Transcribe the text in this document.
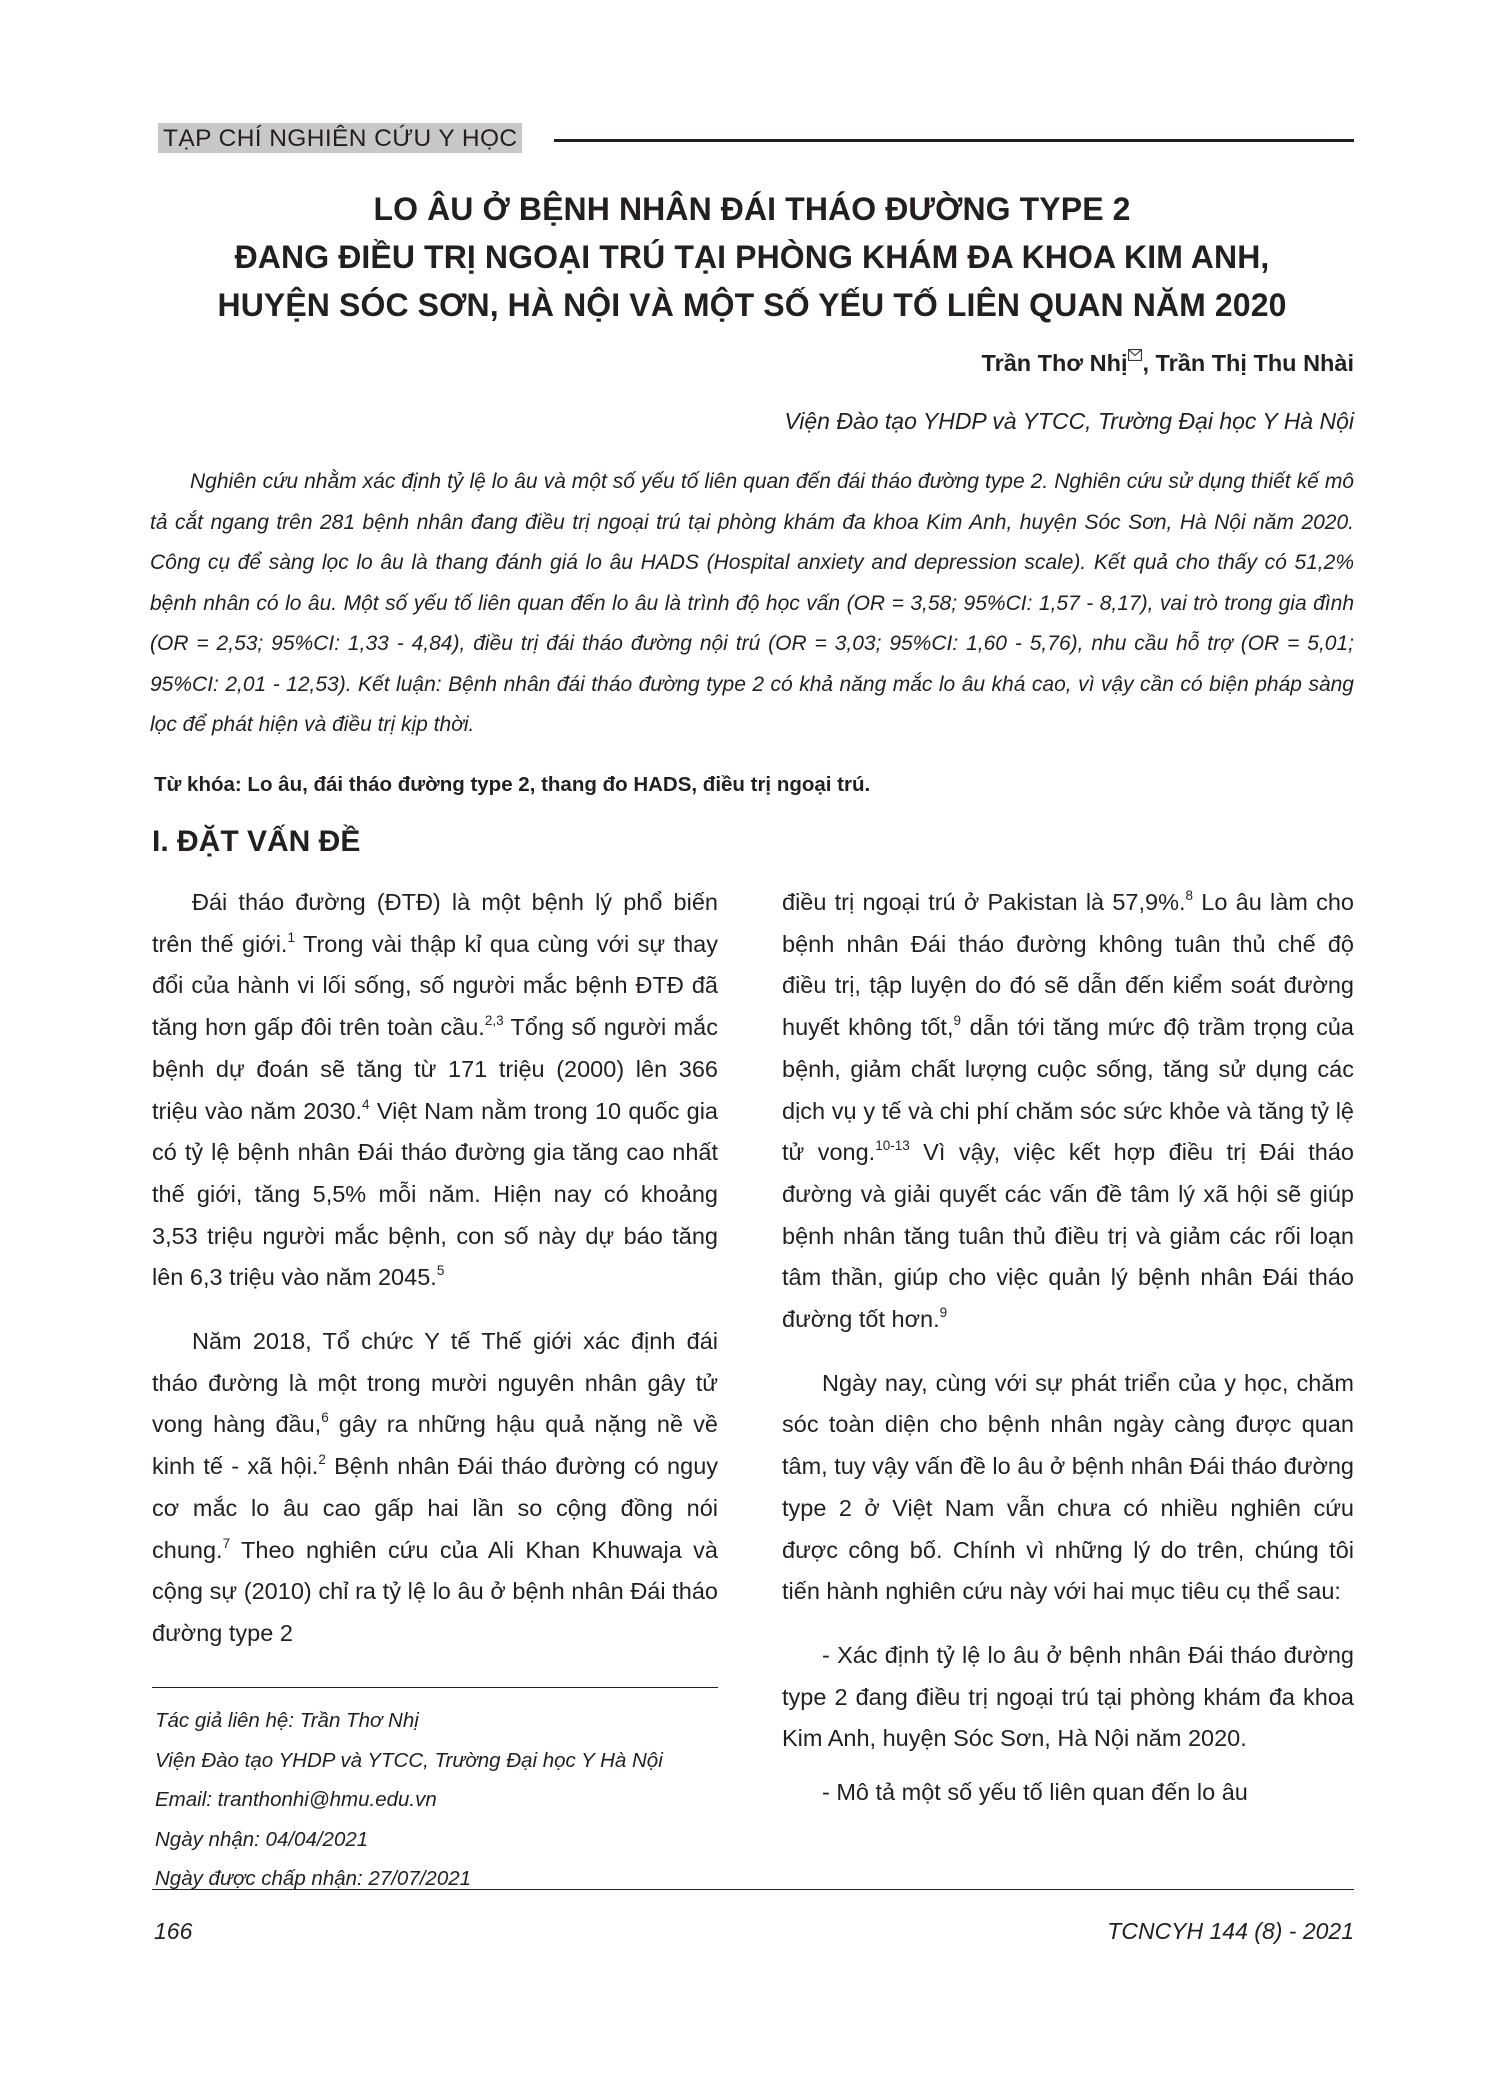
TẠP CHÍ NGHIÊN CỨU Y HỌC
LO ÂU Ở BỆNH NHÂN ĐÁI THÁO ĐƯỜNG TYPE 2
ĐANG ĐIỀU TRỊ NGOẠI TRÚ TẠI PHÒNG KHÁM ĐA KHOA KIM ANH,
HUYỆN SÓC SƠN, HÀ NỘI VÀ MỘT SỐ YẾU TỐ LIÊN QUAN NĂM 2020
Trần Thơ Nhị , Trần Thị Thu Nhài
Viện Đào tạo YHDP và YTCC, Trường Đại học Y Hà Nội
Nghiên cứu nhằm xác định tỷ lệ lo âu và một số yếu tố liên quan đến đái tháo đường type 2. Nghiên cứu sử dụng thiết kế mô tả cắt ngang trên 281 bệnh nhân đang điều trị ngoại trú tại phòng khám đa khoa Kim Anh, huyện Sóc Sơn, Hà Nội năm 2020. Công cụ để sàng lọc lo âu là thang đánh giá lo âu HADS (Hospital anxiety and depression scale). Kết quả cho thấy có 51,2% bệnh nhân có lo âu. Một số yếu tố liên quan đến lo âu là trình độ học vấn (OR = 3,58; 95%CI: 1,57 - 8,17), vai trò trong gia đình (OR = 2,53; 95%CI: 1,33 - 4,84), điều trị đái tháo đường nội trú (OR = 3,03; 95%CI: 1,60 - 5,76), nhu cầu hỗ trợ (OR = 5,01; 95%CI: 2,01 - 12,53). Kết luận: Bệnh nhân đái tháo đường type 2 có khả năng mắc lo âu khá cao, vì vậy cần có biện pháp sàng lọc để phát hiện và điều trị kịp thời.
Từ khóa: Lo âu, đái tháo đường type 2, thang đo HADS, điều trị ngoại trú.
I. ĐẶT VẤN ĐỀ

Đái tháo đường (ĐTĐ) là một bệnh lý phổ biến trên thế giới.$^1$ Trong vài thập kỉ qua cùng với sự thay đổi của hành vi lối sống, số người mắc bệnh ĐTĐ đã tăng hơn gấp đôi trên toàn cầu.$^{2,3}$ Tổng số người mắc bệnh dự đoán sẽ tăng từ 171 triệu (2000) lên 366 triệu vào năm 2030.$^4$ Việt Nam nằm trong 10 quốc gia có tỷ lệ bệnh nhân Đái tháo đường gia tăng cao nhất thế giới, tăng 5,5% mỗi năm. Hiện nay có khoảng 3,53 triệu người mắc bệnh, con số này dự báo tăng lên 6,3 triệu vào năm 2045.$^5$

Năm 2018, Tổ chức Y tế Thế giới xác định đái tháo đường là một trong mười nguyên nhân gây tử vong hàng đầu,$^6$ gây ra những hậu quả nặng nề về kinh tế - xã hội.$^2$ Bệnh nhân Đái tháo đường có nguy cơ mắc lo âu cao gấp hai lần so cộng đồng nói chung.$^7$ Theo nghiên cứu của Ali Khan Khuwaja và cộng sự (2010) chỉ ra tỷ lệ lo âu ở bệnh nhân Đái tháo đường type 2

điều trị ngoại trú ở Pakistan là 57,9%.$^8$ Lo âu làm cho bệnh nhân Đái tháo đường không tuân thủ chế độ điều trị, tập luyện do đó sẽ dẫn đến kiểm soát đường huyết không tốt,$^9$ dẫn tới tăng mức độ trầm trọng của bệnh, giảm chất lượng cuộc sống, tăng sử dụng các dịch vụ y tế và chi phí chăm sóc sức khỏe và tăng tỷ lệ tử vong.$^{10-13}$ Vì vậy, việc kết hợp điều trị Đái tháo đường và giải quyết các vấn đề tâm lý xã hội sẽ giúp bệnh nhân tăng tuân thủ điều trị và giảm các rối loạn tâm thần, giúp cho việc quản lý bệnh nhân Đái tháo đường tốt hơn.$^9$

Ngày nay, cùng với sự phát triển của y học, chăm sóc toàn diện cho bệnh nhân ngày càng được quan tâm, tuy vậy vấn đề lo âu ở bệnh nhân Đái tháo đường type 2 ở Việt Nam vẫn chưa có nhiều nghiên cứu được công bố. Chính vì những lý do trên, chúng tôi tiến hành nghiên cứu này với hai mục tiêu cụ thể sau:

- Xác định tỷ lệ lo âu ở bệnh nhân Đái tháo đường type 2 đang điều trị ngoại trú tại phòng khám đa khoa Kim Anh, huyện Sóc Sơn, Hà Nội năm 2020.

- Mô tả một số yếu tố liên quan đến lo âu

Tác giả liên hệ: Trần Thơ Nhị
Viện Đào tạo YHDP và YTCC, Trường Đại học Y Hà Nội
Email: tranthonhi@hmu.edu.vn
Ngày nhận: 04/04/2021
Ngày được chấp nhận: 27/07/2021
166	TCNCYH 144 (8) - 2021
